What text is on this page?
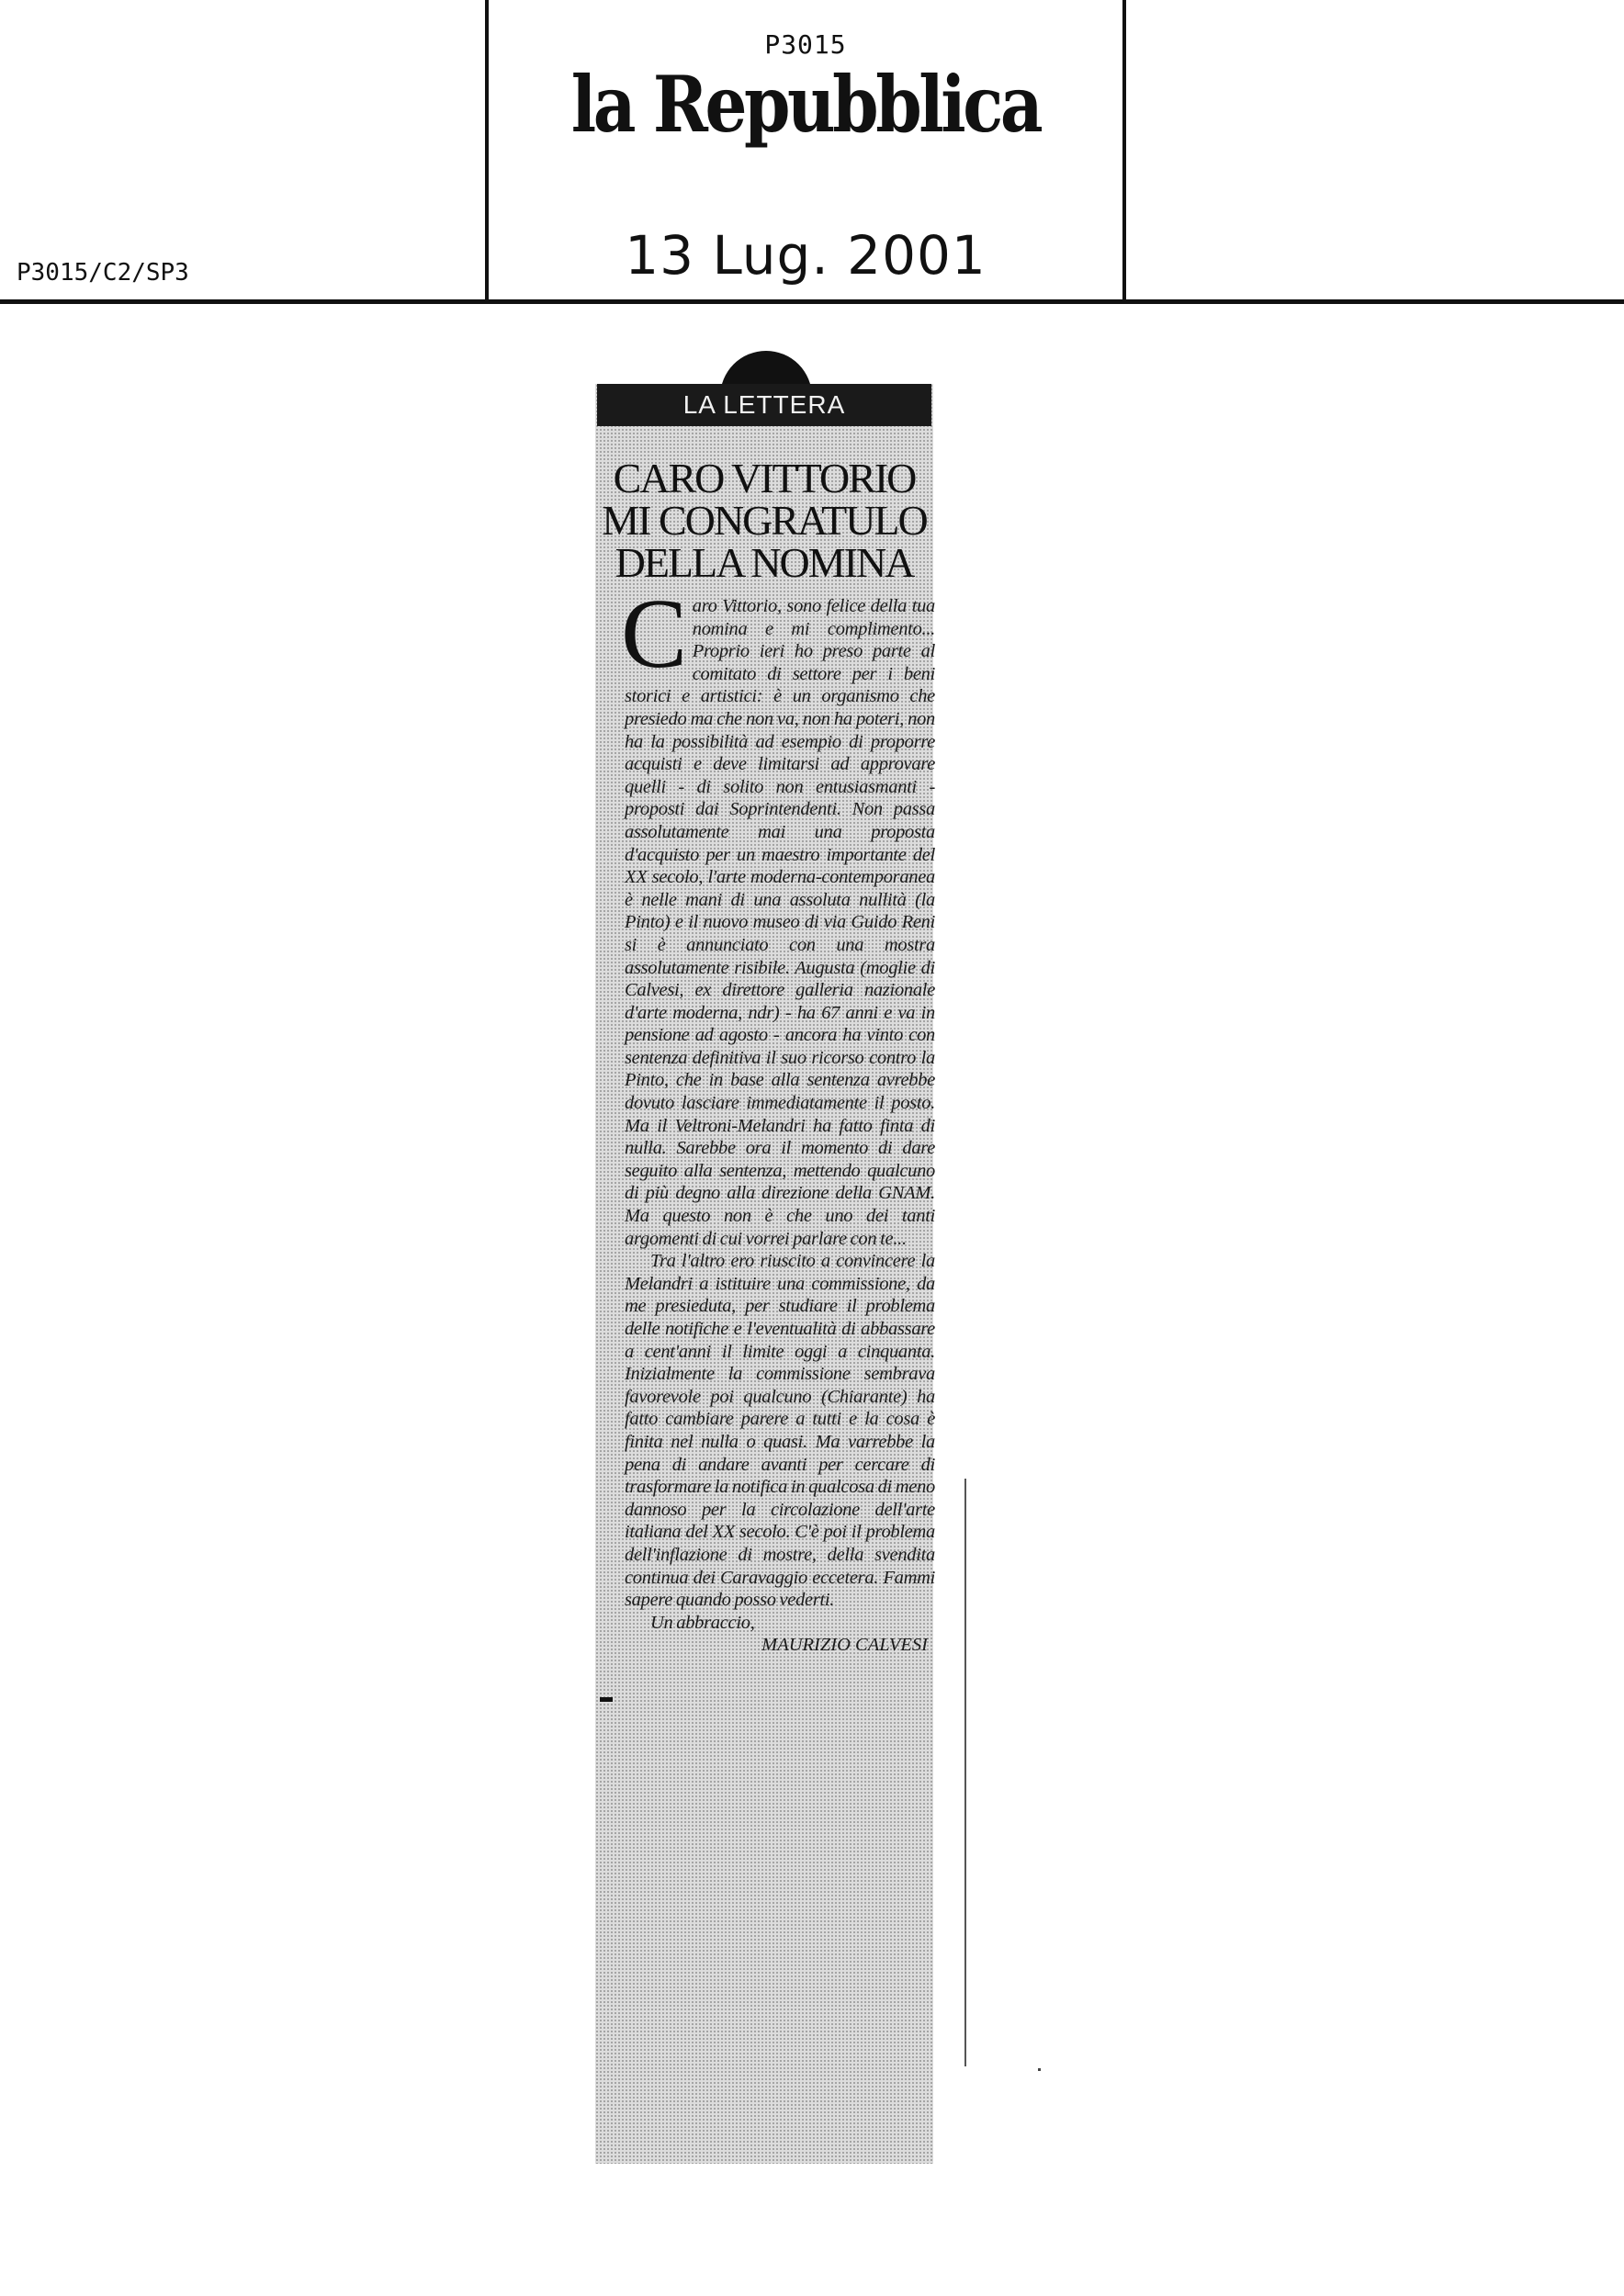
P3015
la Repubblica
13 Lug. 2001
P3015/C2/SP3
LA LETTERA
CARO VITTORIO
MI CONGRATULO
DELLA NOMINA

Caro Vittorio, sono felice della tua nomina e mi complimento... Proprio ieri ho preso parte al comitato di settore per i beni storici e artistici: è un organismo che presiedo ma che non va, non ha poteri, non ha la possibilità ad esempio di proporre acquisti e deve limitarsi ad approvare quelli - di solito non entusiasmanti - proposti dai Soprintendenti. Non passa assolutamente mai una proposta d'acquisto per un maestro importante del XX secolo, l'arte moderna-contemporanea è nelle mani di una assoluta nullità (la Pinto) e il nuovo museo di via Guido Reni si è annunciato con una mostra assolutamente risibile. Augusta (moglie di Calvesi, ex direttore galleria nazionale d'arte moderna, ndr) - ha 67 anni e va in pensione ad agosto - ancora ha vinto con sentenza definitiva il suo ricorso contro la Pinto, che in base alla sentenza avrebbe dovuto lasciare immediatamente il posto. Ma il Veltroni-Melandri ha fatto finta di nulla. Sarebbe ora il momento di dare seguito alla sentenza, mettendo qualcuno di più degno alla direzione della GNAM. Ma questo non è che uno dei tanti argomenti di cui vorrei parlare con te...

Tra l'altro ero riuscito a convincere la Melandri a istituire una commissione, da me presieduta, per studiare il problema delle notifiche e l'eventualità di abbassare a cent'anni il limite oggi a cinquanta. Inizialmente la commissione sembrava favorevole poi qualcuno (Chiarante) ha fatto cambiare parere a tutti e la cosa è finita nel nulla o quasi. Ma varrebbe la pena di andare avanti per cercare di trasformare la notifica in qualcosa di meno dannoso per la circolazione dell'arte italiana del XX secolo. C'è poi il problema dell'inflazione di mostre, della svendita continua dei Caravaggio eccetera. Fammi sapere quando posso vederti.

Un abbraccio,

MAURIZIO CALVESI
